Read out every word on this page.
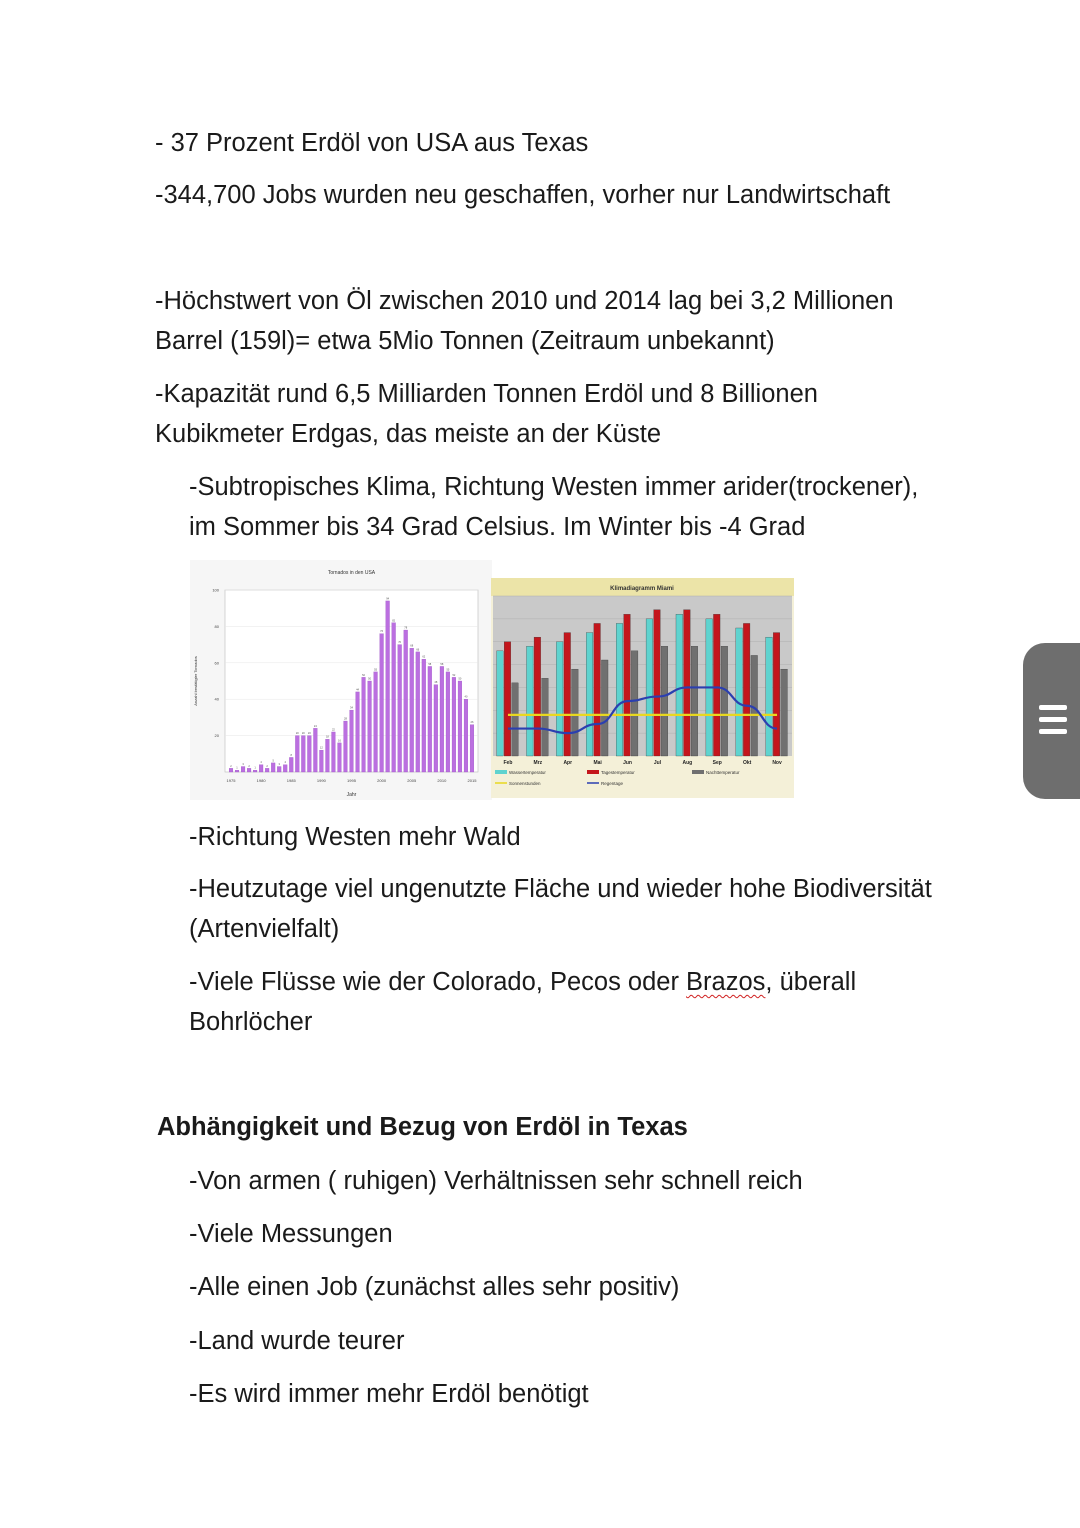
- 37 Prozent Erdöl von USA aus Texas
-344,700 Jobs wurden neu geschaffen, vorher nur Landwirtschaft
-Höchstwert von Öl zwischen 2010 und 2014 lag bei 3,2 Millionen
Barrel (159l)= etwa 5Mio Tonnen (Zeitraum unbekannt)
-Kapazität rund 6,5 Milliarden Tonnen Erdöl und 8 Billionen
Kubikmeter Erdgas, das meiste an der Küste
-Subtropisches Klima, Richtung Westen immer arider(trockener),
im Sommer bis 34 Grad Celsius. Im Winter bis -4 Grad
Tornados in den USA
Jahr
Anzahl bestätigter Tornados
20
40
60
80
100
2
1
3
2
1
4
2
5
3
4
8
20 20 20
24
12
18
22
16
28
34
44
52
50
55
76
94
82
70
78
68
66
62
58
48
58
55
52
50
40
26
1975	1980	1985	1990	1995	2000	2005	2010	2015
Klimadiagramm Miami
Feb	Mrz	Apr	Mai	Jun	Jul	Aug	Sep	Okt	Nov
Wassertemperatur	Tagestemperatur	Nachttemperatur
Sonnenstunden	Regentage
-Richtung Westen mehr Wald
-Heutzutage viel ungenutzte Fläche und wieder hohe Biodiversität
(Artenvielfalt)
-Viele Flüsse wie der Colorado, Pecos oder Brazos, überall
Bohrlöcher
Abhängigkeit und Bezug von Erdöl in Texas
-Von armen ( ruhigen) Verhältnissen sehr schnell reich
-Viele Messungen
-Alle einen Job (zunächst alles sehr positiv)
-Land wurde teurer
-Es wird immer mehr Erdöl benötigt
